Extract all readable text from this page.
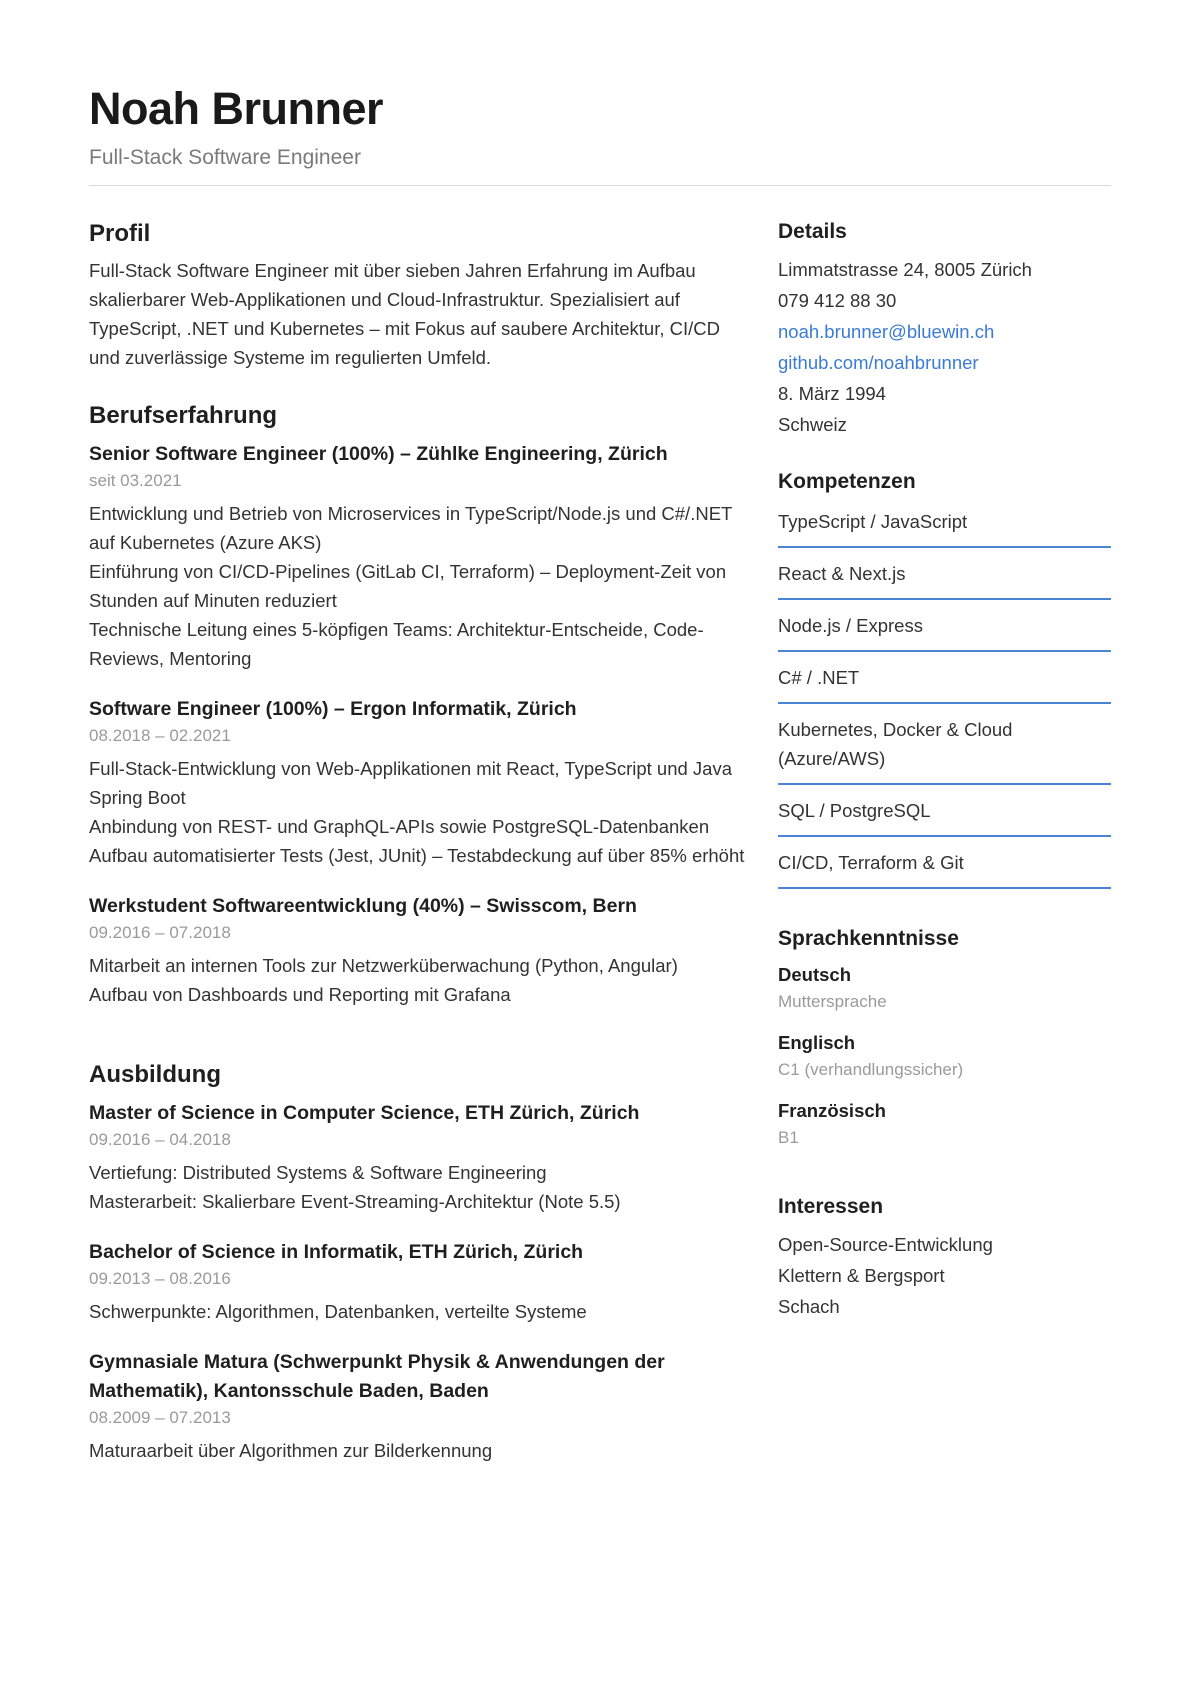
Noah Brunner
Full-Stack Software Engineer
Profil

Full-Stack Software Engineer mit über sieben Jahren Erfahrung im Aufbau skalierbarer Web-Applikationen und Cloud-Infrastruktur. Spezialisiert auf TypeScript, .NET und Kubernetes – mit Fokus auf saubere Architektur, CI/CD und zuverlässige Systeme im regulierten Umfeld.

Berufserfahrung
Senior Software Engineer (100%) – Zühlke Engineering, Zürich
seit 03.2021
Entwicklung und Betrieb von Microservices in TypeScript/Node.js und C#/.NET auf Kubernetes (Azure AKS)
Einführung von CI/CD-Pipelines (GitLab CI, Terraform) – Deployment-Zeit von Stunden auf Minuten reduziert
Technische Leitung eines 5-köpfigen Teams: Architektur-Entscheide, Code-Reviews, Mentoring
Software Engineer (100%) – Ergon Informatik, Zürich
08.2018 – 02.2021
Full-Stack-Entwicklung von Web-Applikationen mit React, TypeScript und Java Spring Boot
Anbindung von REST- und GraphQL-APIs sowie PostgreSQL-Datenbanken
Aufbau automatisierter Tests (Jest, JUnit) – Testabdeckung auf über 85% erhöht
Werkstudent Softwareentwicklung (40%) – Swisscom, Bern
09.2016 – 07.2018
Mitarbeit an internen Tools zur Netzwerküberwachung (Python, Angular)
Aufbau von Dashboards und Reporting mit Grafana
Ausbildung
Master of Science in Computer Science, ETH Zürich, Zürich
09.2016 – 04.2018
Vertiefung: Distributed Systems & Software Engineering
Masterarbeit: Skalierbare Event-Streaming-Architektur (Note 5.5)
Bachelor of Science in Informatik, ETH Zürich, Zürich
09.2013 – 08.2016
Schwerpunkte: Algorithmen, Datenbanken, verteilte Systeme
Gymnasiale Matura (Schwerpunkt Physik & Anwendungen der Mathematik), Kantonsschule Baden, Baden
08.2009 – 07.2013
Maturaarbeit über Algorithmen zur Bilderkennung
Details
Limmatstrasse 24, 8005 Zürich
079 412 88 30
noah.brunner@bluewin.ch
github.com/noahbrunner
8. März 1994
Schweiz
Kompetenzen
TypeScript / JavaScript
React & Next.js
Node.js / Express
C# / .NET
Kubernetes, Docker & Cloud (Azure/AWS)
SQL / PostgreSQL
CI/CD, Terraform & Git
Sprachkenntnisse
Deutsch
Muttersprache
Englisch
C1 (verhandlungssicher)
Französisch
B1
Interessen
Open-Source-Entwicklung
Klettern & Bergsport
Schach
